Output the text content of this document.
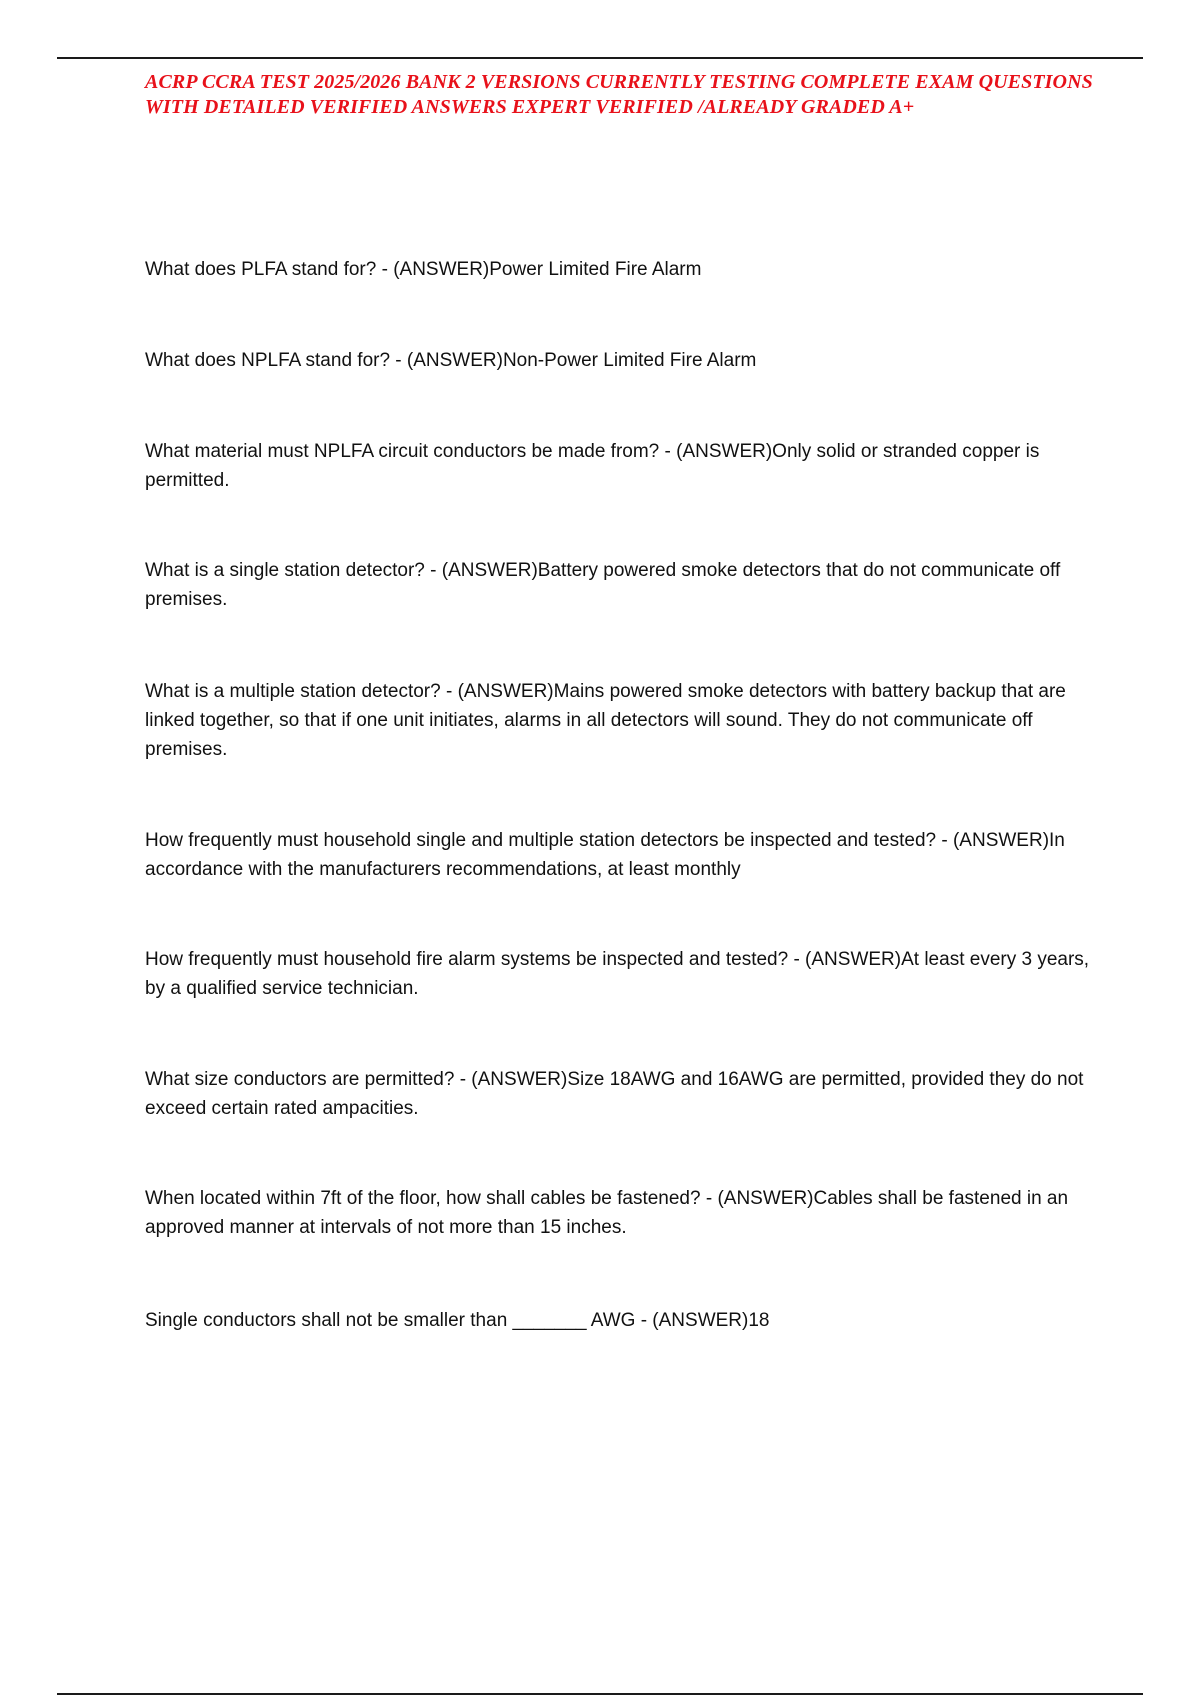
ACRP CCRA TEST 2025/2026 BANK 2 VERSIONS CURRENTLY TESTING COMPLETE EXAM QUESTIONS WITH DETAILED VERIFIED ANSWERS EXPERT VERIFIED /ALREADY GRADED A+
What does PLFA stand for? - (ANSWER)Power Limited Fire Alarm
What does NPLFA stand for? - (ANSWER)Non-Power Limited Fire Alarm
What material must NPLFA circuit conductors be made from? - (ANSWER)Only solid or stranded copper is permitted.
What is a single station detector? - (ANSWER)Battery powered smoke detectors that do not communicate off premises.
What is a multiple station detector? - (ANSWER)Mains powered smoke detectors with battery backup that are linked together, so that if one unit initiates, alarms in all detectors will sound. They do not communicate off premises.
How frequently must household single and multiple station detectors be inspected and tested? - (ANSWER)In accordance with the manufacturers recommendations, at least monthly
How frequently must household fire alarm systems be inspected and tested? - (ANSWER)At least every 3 years, by a qualified service technician.
What size conductors are permitted? - (ANSWER)Size 18AWG and 16AWG are permitted, provided they do not exceed certain rated ampacities.
When located within 7ft of the floor, how shall cables be fastened? - (ANSWER)Cables shall be fastened in an approved manner at intervals of not more than 15 inches.
Single conductors shall not be smaller than _______ AWG - (ANSWER)18
